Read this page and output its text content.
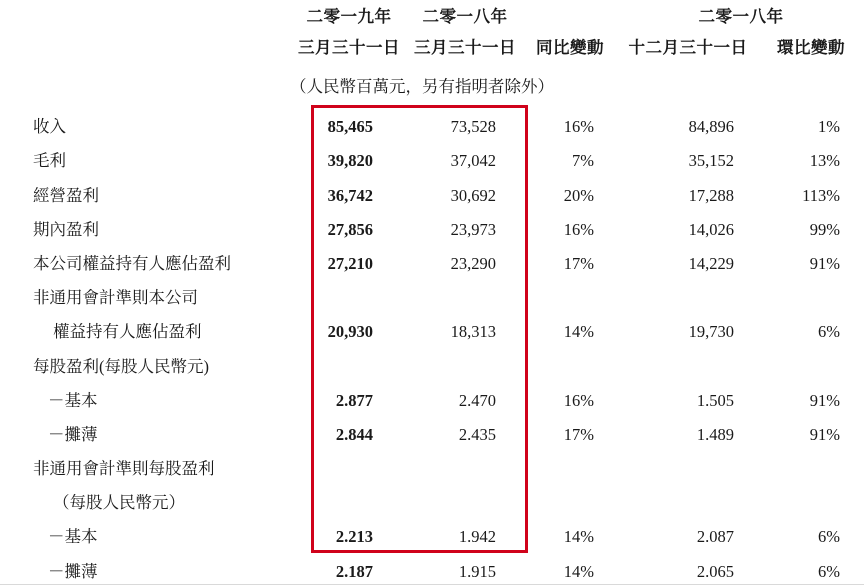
	二零一九年	二零一八年		二零一八年	
	三月三十一日	三月三十一日	同比變動	十二月三十一日	環比變動
	（人民幣百萬元，另有指明者除外）				
收入	85,465	73,528	16%	84,896	1%
毛利	39,820	37,042	7%	35,152	13%
經營盈利	36,742	30,692	20%	17,288	113%
期內盈利	27,856	23,973	16%	14,026	99%
本公司權益持有人應佔盈利	27,210	23,290	17%	14,229	91%
非通用會計準則本公司					
權益持有人應佔盈利	20,930	18,313	14%	19,730	6%
每股盈利(每股人民幣元)					
－基本	2.877	2.470	16%	1.505	91%
－攤薄	2.844	2.435	17%	1.489	91%
非通用會計準則每股盈利					
（每股人民幣元）					
－基本	2.213	1.942	14%	2.087	6%
－攤薄	2.187	1.915	14%	2.065	6%
